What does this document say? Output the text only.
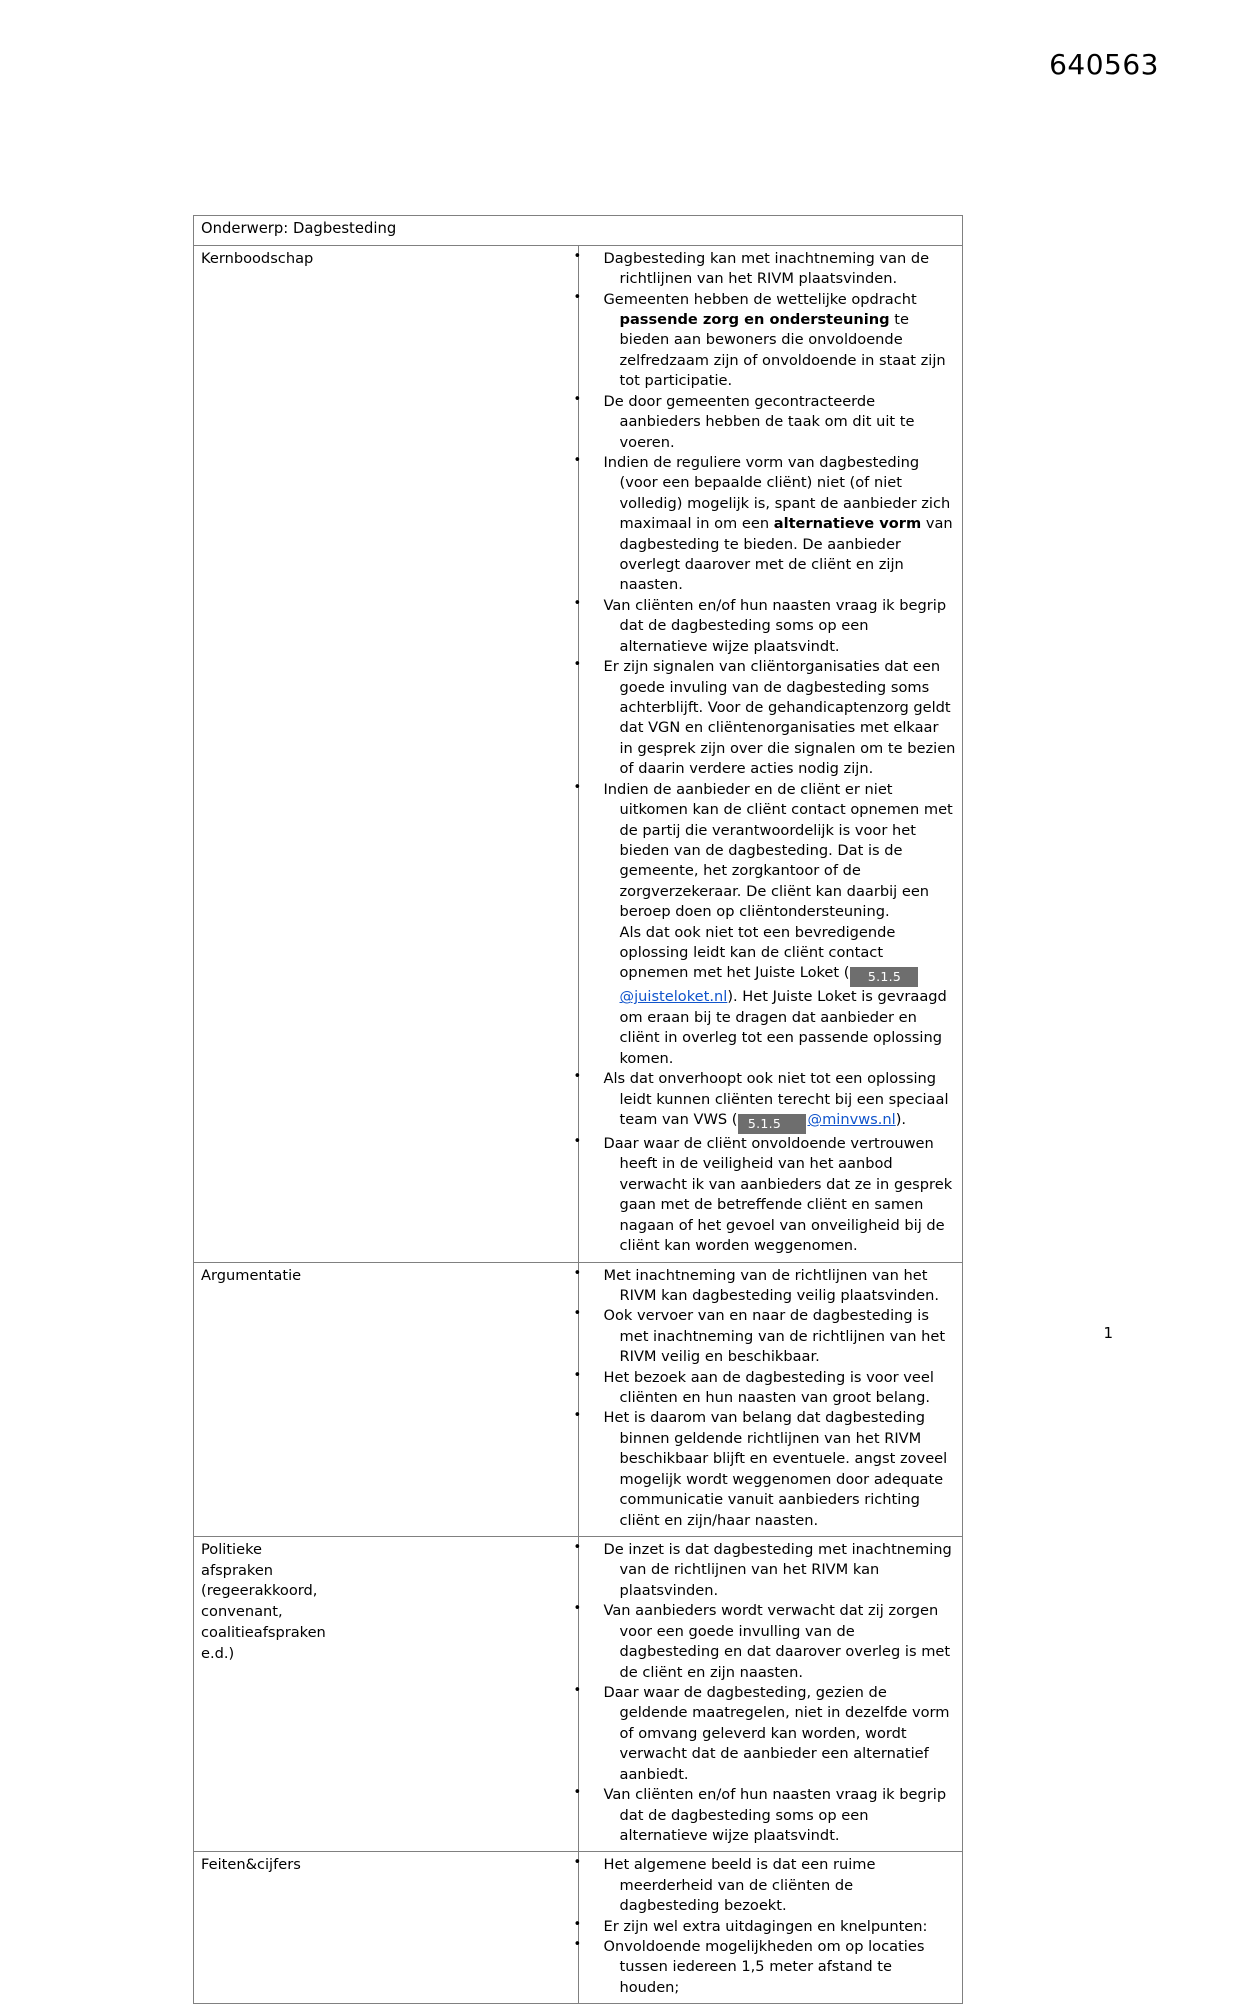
640563
Onderwerp: Dagbesteding	

Kernboodschap

•Dagbesteding kan met inachtneming van de richtlijnen van het RIVM plaatsvinden.
• Gemeenten hebben de wettelijke opdracht passende zorg en ondersteuning te bieden aan bewoners die onvoldoende zelfredzaam zijn of onvoldoende in staat zijn tot participatie.
• De door gemeenten gecontracteerde aanbieders hebben de taak om dit uit te voeren.
• Indien de reguliere vorm van dagbesteding (voor een bepaalde cliënt) niet (of niet volledig) mogelijk is, spant de aanbieder zich maximaal in om een alternatieve vorm van dagbesteding te bieden. De aanbieder overlegt daarover met de cliënt en zijn naasten.
• Van cliënten en/of hun naasten vraag ik begrip dat de dagbesteding soms op een alternatieve wijze plaatsvindt.
• Er zijn signalen van cliëntorganisaties dat een goede invuling van de dagbesteding soms achterblijft. Voor de gehandicaptenzorg geldt dat VGN en cliëntenorganisaties met elkaar in gesprek zijn over die signalen om te bezien of daarin verdere acties nodig zijn.
• Indien de aanbieder en de cliënt er niet uitkomen kan de cliënt contact opnemen met de partij die verantwoordelijk is voor het bieden van de dagbesteding. Dat is de gemeente, het zorgkantoor of de zorgverzekeraar. De cliënt kan daarbij een beroep doen op cliëntondersteuning.
Als dat ook niet tot een bevredigende oplossing leidt kan de cliënt contact opnemen met het Juiste Loket ( 5.1.5@juisteloket.nl). Het Juiste Loket is gevraagd om eraan bij te dragen dat aanbieder en cliënt in overleg tot een passende oplossing komen.
• Als dat onverhoopt ook niet tot een oplossing leidt kunnen cliënten terecht bij een speciaal team van VWS ( 5.1.5 @minvws.nl).
• Daar waar de cliënt onvoldoende vertrouwen heeft in de veiligheid van het aanbod verwacht ik van aanbieders dat ze in gesprek gaan met de betreffende cliënt en samen nagaan of het gevoel van onveiligheid bij de cliënt kan worden weggenomen.

Argumentatie

•Met inachtneming van de richtlijnen van het RIVM kan dagbesteding veilig plaatsvinden.
• Ook vervoer van en naar de dagbesteding is met inachtneming van de richtlijnen van het RIVM veilig en beschikbaar.
• Het bezoek aan de dagbesteding is voor veel cliënten en hun naasten van groot belang.
• Het is daarom van belang dat dagbesteding binnen geldende richtlijnen van het RIVM beschikbaar blijft en eventuele. angst zoveel mogelijk wordt weggenomen door adequate communicatie vanuit aanbieders richting cliënt en zijn/haar naasten.

Politieke
afspraken
(regeerakkoord,
convenant,
coalitieafspraken
e.d.)

• De inzet is dat dagbesteding met inachtneming van de richtlijnen van het RIVM kan plaatsvinden.
• Van aanbieders wordt verwacht dat zij zorgen voor een goede invulling van de dagbesteding en dat daarover overleg is met de cliënt en zijn naasten.
• Daar waar de dagbesteding, gezien de geldende maatregelen, niet in dezelfde vorm of omvang geleverd kan worden, wordt verwacht dat de aanbieder een alternatief aanbiedt.
• Van cliënten en/of hun naasten vraag ik begrip dat de dagbesteding soms op een alternatieve wijze plaatsvindt.

Feiten&cijfers

•Het algemene beeld is dat een ruime meerderheid van de cliënten de dagbesteding bezoekt.
• Er zijn wel extra uitdagingen en knelpunten:
• Onvoldoende mogelijkheden om op locaties tussen iedereen 1,5 meter afstand te houden;
1
